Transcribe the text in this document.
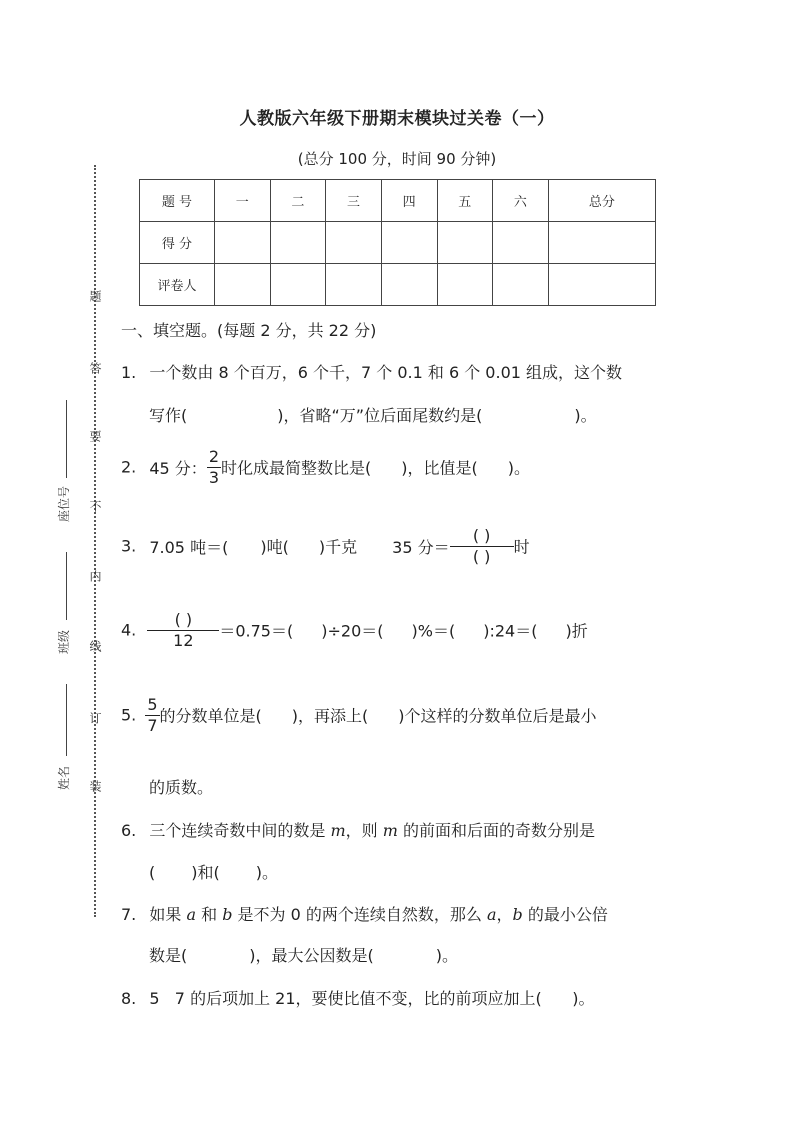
人教版六年级下册期末模块过关卷（一）
(总分 100 分，时间 90 分钟)
题 号	一	二	三	四	五	六	总分
得 分							
评卷人							
题
答
要
不
内
线
订
装
座位号
班级
姓名
一、填空题。(每题 2 分，共 22 分)
1. 一个数由 8 个百万，6 个千，7 个 0.1 和 6 个 0.01 组成，这个数
写作(	)，省略“万”位后面尾数约是(	)。
2. 45 分： $\frac{2}{3}$ 时化成最简整数比是( )，比值是( )。
3. 7.05 吨＝( )吨( )千克 35 分＝ $\frac{( )}{( )}$ 时
4. $\frac{( )}{12} =0.75=$( )÷20＝( )%＝( ):24＝( )折
5. $\frac{5}{7}$ 的分数单位是( )，再添上( )个这样的分数单位后是最小
的质数。
6. 三个连续奇数中间的数是 m，则 m 的前面和后面的奇数分别是
( )和( )。
7. 如果 a 和 b 是不为 0 的两个连续自然数，那么 a，b 的最小公倍
数是(	)，最大公因数是(	)。
8. 5   7 的后项加上 21，要使比值不变，比的前项应加上(      )。
